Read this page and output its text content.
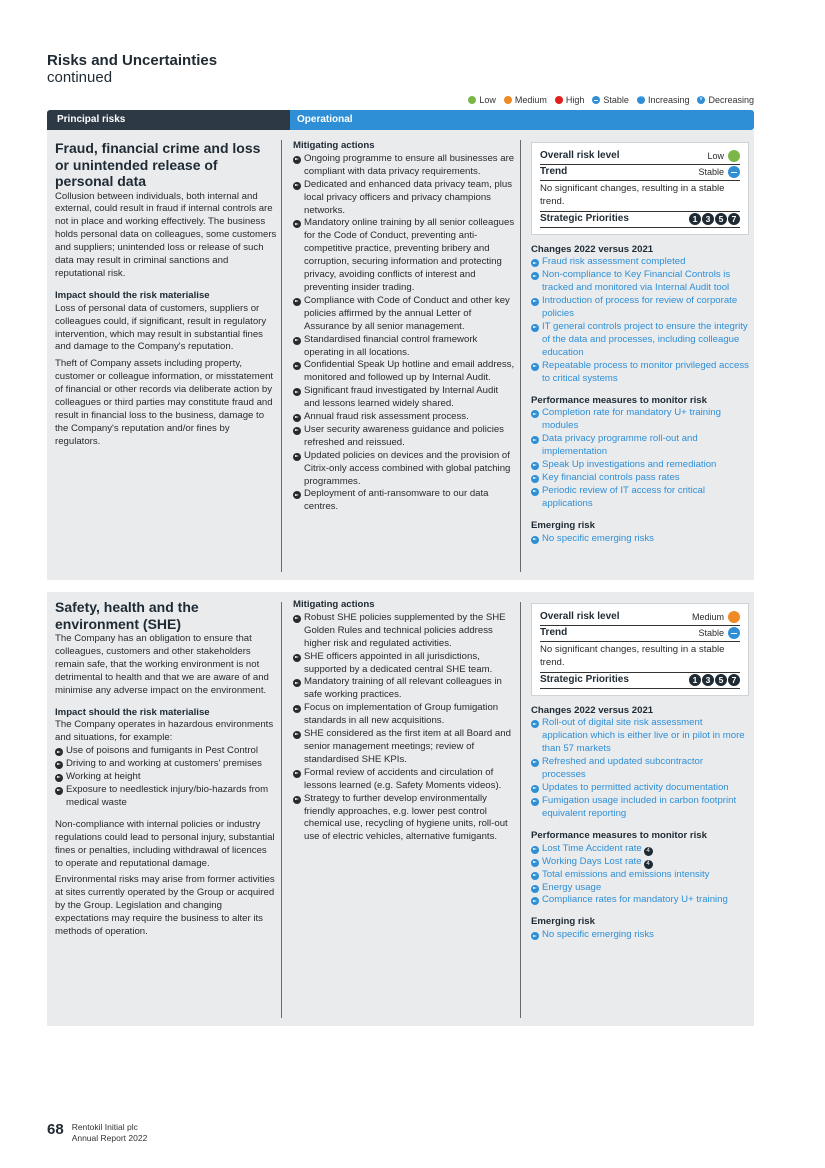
Risks and Uncertainties
continued
Low Medium High Stable ^ Increasing v Decreasing
Principal risks	Operational
Fraud, financial crime and loss or unintended release of personal data
Collusion between individuals, both internal and external, could result in fraud if internal controls are not in place and working effectively. The business holds personal data on colleagues, some customers and suppliers; unintended loss or release of such data may result in criminal sanctions and reputational risk.
Impact should the risk materialise
Loss of personal data of customers, suppliers or colleagues could, if significant, result in regulatory intervention, which may result in substantial fines and damage to the Company's reputation.
Theft of Company assets including property, customer or colleague information, or misstatement of financial or other records via deliberate action by colleagues or third parties may constitute fraud and result in financial loss to the business, damage to the Company's reputation and/or fines by regulators.
Mitigating actions
Ongoing programme to ensure all businesses are compliant with data privacy requirements.
Dedicated and enhanced data privacy team, plus local privacy officers and privacy champions networks.
Mandatory online training by all senior colleagues for the Code of Conduct, preventing anti-competitive practice, preventing bribery and corruption, securing information and protecting privacy, avoiding conflicts of interest and preventing insider trading.
Compliance with Code of Conduct and other key policies affirmed by the annual Letter of Assurance by all senior management.
Standardised financial control framework operating in all locations.
Confidential Speak Up hotline and email address, monitored and followed up by Internal Audit.
Significant fraud investigated by Internal Audit and lessons learned widely shared.
Annual fraud risk assessment process.
User security awareness guidance and policies refreshed and reissued.
Updated policies on devices and the provision of Citrix-only access combined with global patching programmes.
Deployment of anti-ransomware to our data centres.
Overall risk level	Low
Trend	Stable
No significant changes, resulting in a stable trend.
Strategic Priorities	1 3 5 7
Changes 2022 versus 2021
Fraud risk assessment completed
Non-compliance to Key Financial Controls is tracked and monitored via Internal Audit tool
Introduction of process for review of corporate policies
IT general controls project to ensure the integrity of the data and processes, including colleague education
Repeatable process to monitor privileged access to critical systems
Performance measures to monitor risk
Completion rate for mandatory U+ training modules
Data privacy programme roll-out and implementation
Speak Up investigations and remediation
Key financial controls pass rates
Periodic review of IT access for critical applications
Emerging risk
No specific emerging risks
Safety, health and the environment (SHE)
The Company has an obligation to ensure that colleagues, customers and other stakeholders remain safe, that the working environment is not detrimental to health and that we are aware of and minimise any adverse impact on the environment.
Impact should the risk materialise
The Company operates in hazardous environments and situations, for example:
Use of poisons and fumigants in Pest Control
Driving to and working at customers' premises
Working at height
Exposure to needlestick injury/bio-hazards from medical waste
Non-compliance with internal policies or industry regulations could lead to personal injury, substantial fines or penalties, including withdrawal of licences to operate and reputational damage.
Environmental risks may arise from former activities at sites currently operated by the Group or acquired by the Group. Legislation and changing expectations may require the business to alter its methods of operation.
Mitigating actions
Robust SHE policies supplemented by the SHE Golden Rules and technical policies address higher risk and regulated activities.
SHE officers appointed in all jurisdictions, supported by a dedicated central SHE team.
Mandatory training of all relevant colleagues in safe working practices.
Focus on implementation of Group fumigation standards in all new acquisitions.
SHE considered as the first item at all Board and senior management meetings; review of standardised SHE KPIs.
Formal review of accidents and circulation of lessons learned (e.g. Safety Moments videos).
Strategy to further develop environmentally friendly approaches, e.g. lower pest control chemical use, recycling of hygiene units, roll-out use of electric vehicles, alternative fumigants.
Overall risk level	Medium
Trend	Stable
No significant changes, resulting in a stable trend.
Strategic Priorities	1 3 5 7
Changes 2022 versus 2021
Roll-out of digital site risk assessment application which is either live or in pilot in more than 57 markets
Refreshed and updated subcontractor processes
Updates to permitted activity documentation
Fumigation usage included in carbon footprint equivalent reporting
Performance measures to monitor risk
Lost Time Accident rate 4
Working Days Lost rate 4
Total emissions and emissions intensity
Energy usage
Compliance rates for mandatory U+ training
Emerging risk
No specific emerging risks
68 Rentokil Initial plc
Annual Report 2022
